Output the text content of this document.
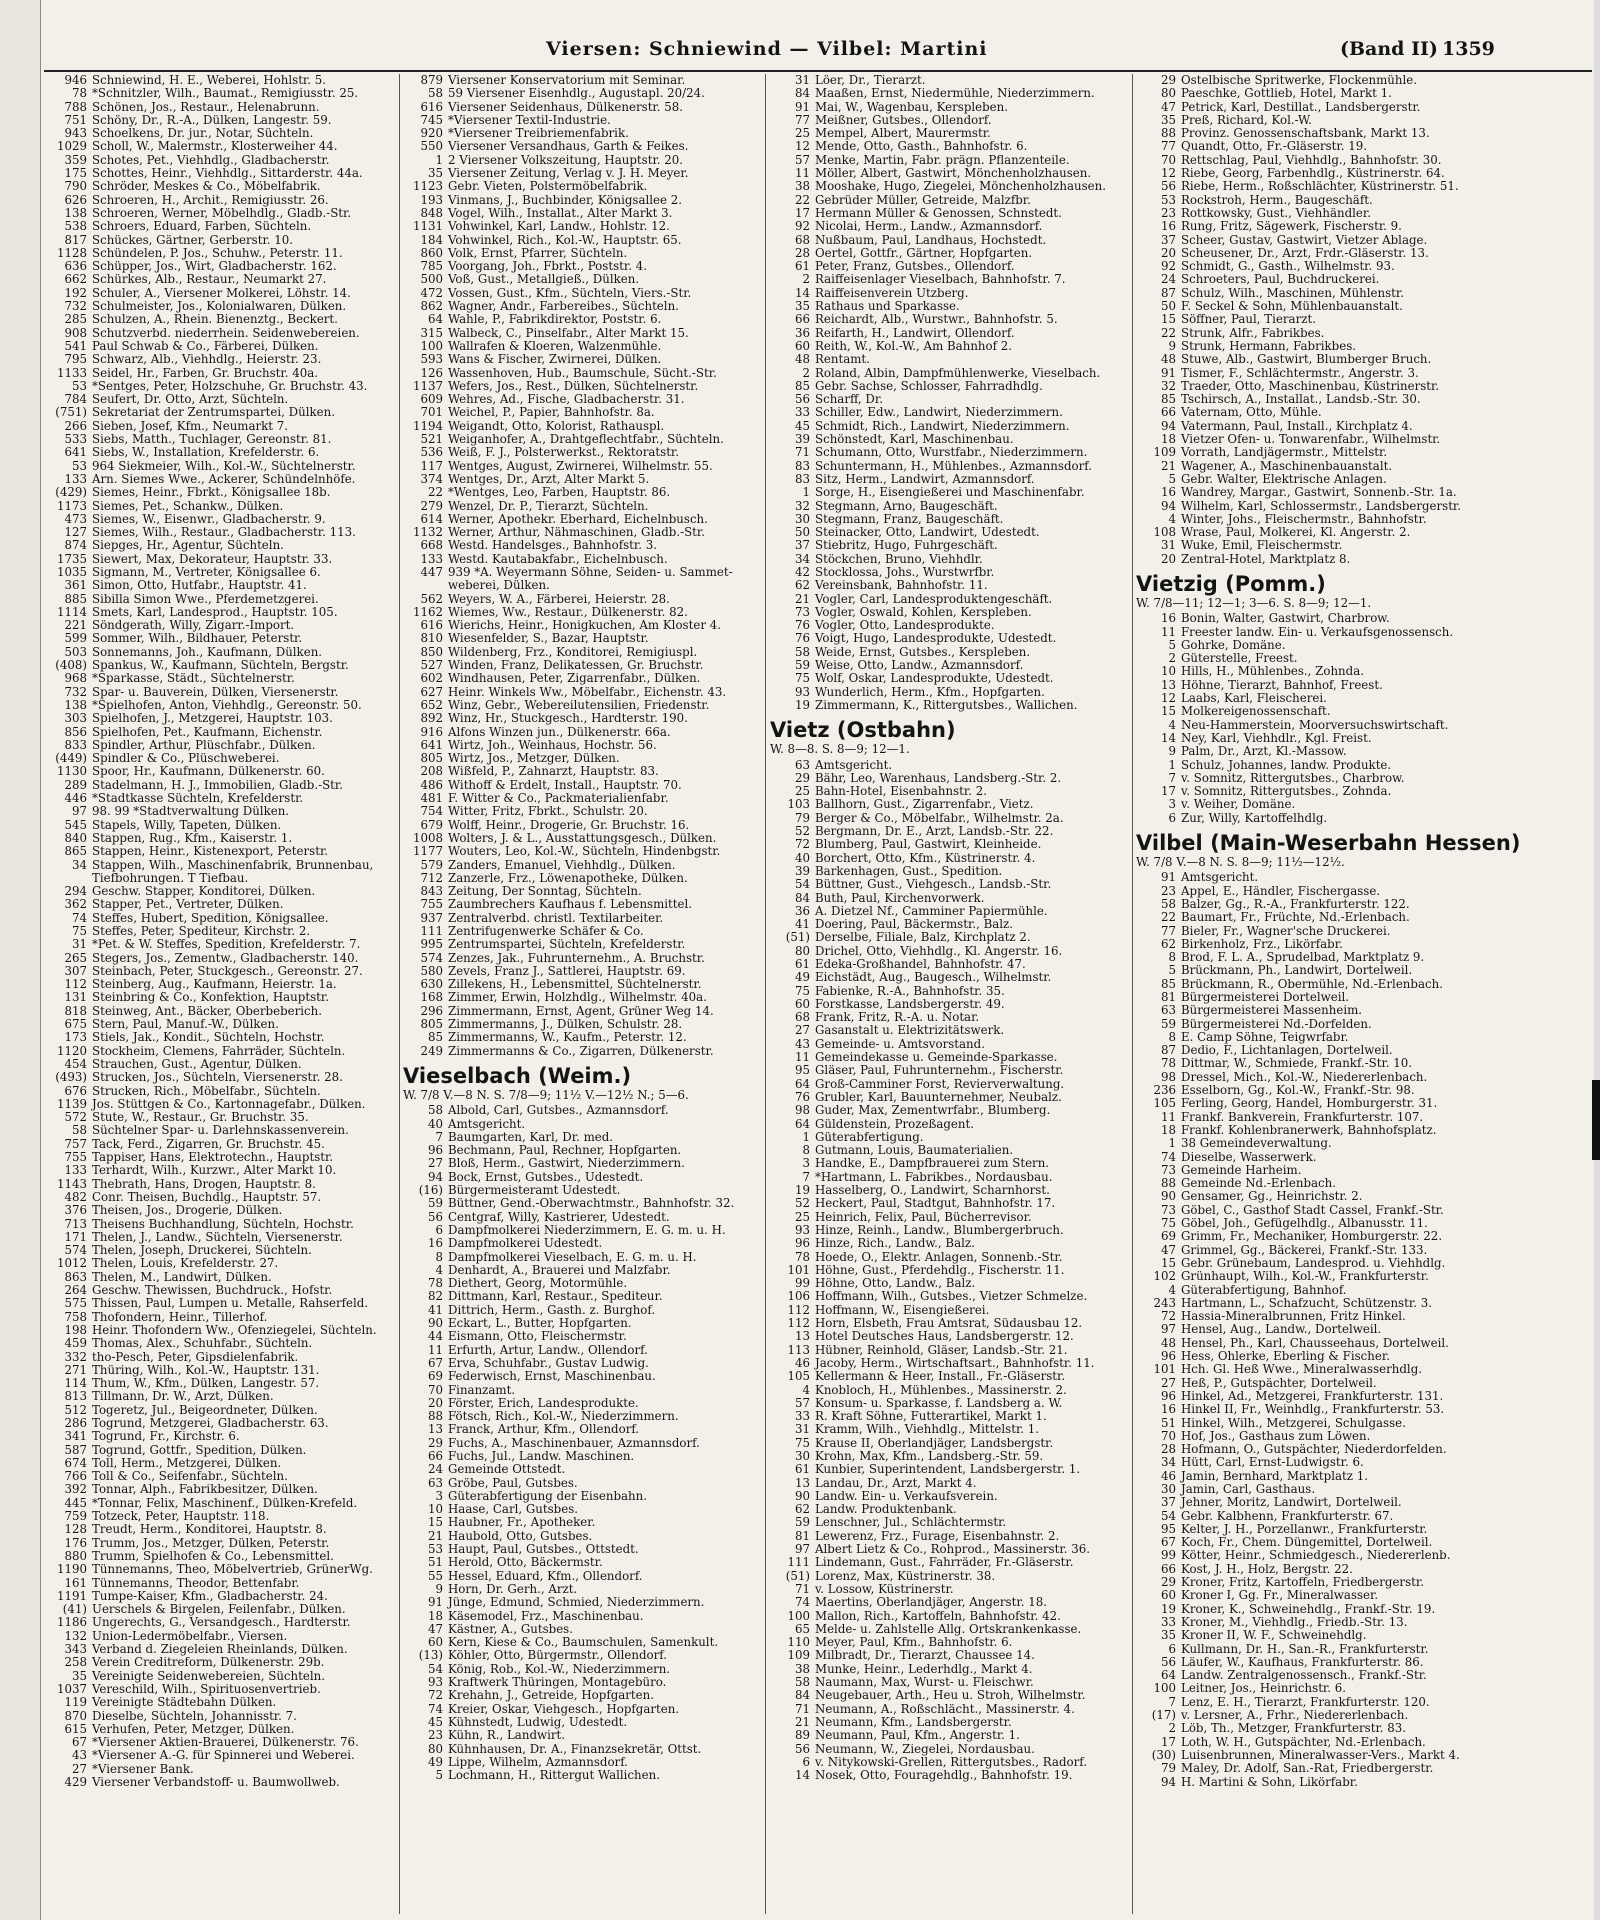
Viersen: Schniewind — Vilbel: Martini	(Band II) 1359
946 Schniewind, H. E., Weberei, Hohlstr. 5.
78 *Schnitzler, Wilh., Baumat., Remigiusstr. 25.
788 Schönen, Jos., Restaur., Helenabrunn.
751 Schöny, Dr., R.-A., Dülken, Langestr. 59.
943 Schoelkens, Dr. jur., Notar, Süchteln.
1029 Scholl, W., Malermstr., Klosterweiher 44.
359 Schotes, Pet., Viehhdlg., Gladbacherstr.
175 Schottes, Heinr., Viehhdlg., Sittarderstr. 44a.
790 Schröder, Meskes & Co., Möbelfabrik.
626 Schroeren, H., Archit., Remigiusstr. 26.
138 Schroeren, Werner, Möbelhdlg., Gladb.-Str.
538 Schroers, Eduard, Farben, Süchteln.
817 Schückes, Gärtner, Gerberstr. 10.
1128 Schündelen, P. Jos., Schuhw., Peterstr. 11.
636 Schüpper, Jos., Wirt, Gladbacherstr. 162.
662 Schürkes, Alb., Restaur., Neumarkt 27.
192 Schuler, A., Viersener Molkerei, Löhstr. 14.
732 Schulmeister, Jos., Kolonialwaren, Dülken.
285 Schulzen, A., Rhein. Bienenztg., Beckert.
908 Schutzverbd. niederrhein. Seidenwebereien.
541 Paul Schwab & Co., Färberei, Dülken.
795 Schwarz, Alb., Viehhdlg., Heierstr. 23.
1133 Seidel, Hr., Farben, Gr. Bruchstr. 40a.
53 *Sentges, Peter, Holzschuhe, Gr. Bruchstr. 43.
784 Seufert, Dr. Otto, Arzt, Süchteln.
(751) Sekretariat der Zentrumspartei, Dülken.
266 Sieben, Josef, Kfm., Neumarkt 7.
533 Siebs, Matth., Tuchlager, Gereonstr. 81.
641 Siebs, W., Installation, Krefelderstr. 6.
53 964 Siekmeier, Wilh., Kol.-W., Süchtelnerstr.
133 Arn. Siemes Wwe., Ackerer, Schündelnhöfe.
(429) Siemes, Heinr., Fbrkt., Königsallee 18b.
1173 Siemes, Pet., Schankw., Dülken.
473 Siemes, W., Eisenwr., Gladbacherstr. 9.
127 Siemes, Wilh., Restaur., Gladbacherstr. 113.
874 Siepges, Hr., Agentur, Süchteln.
1735 Siewert, Max, Dekorateur, Hauptstr. 33.
1035 Sigmann, M., Vertreter, Königsallee 6.
361 Simon, Otto, Hutfabr., Hauptstr. 41.
885 Sibilla Simon Wwe., Pferdemetzgerei.
1114 Smets, Karl, Landesprod., Hauptstr. 105.
221 Söndgerath, Willy, Zigarr.-Import.
599 Sommer, Wilh., Bildhauer, Peterstr.
503 Sonnemanns, Joh., Kaufmann, Dülken.
(408) Spankus, W., Kaufmann, Süchteln, Bergstr.
968 *Sparkasse, Städt., Süchtelnerstr.
732 Spar- u. Bauverein, Dülken, Viersenerstr.
138 *Spielhofen, Anton, Viehhdlg., Gereonstr. 50.
303 Spielhofen, J., Metzgerei, Hauptstr. 103.
856 Spielhofen, Pet., Kaufmann, Eichenstr.
833 Spindler, Arthur, Plüschfabr., Dülken.
(449) Spindler & Co., Plüschweberei.
1130 Spoor, Hr., Kaufmann, Dülkenerstr. 60.
289 Stadelmann, H. J., Immobilien, Gladb.-Str.
446 *Stadtkasse Süchteln, Krefelderstr.
97 98. 99 *Stadtverwaltung Dülken.
545 Stapels, Willy, Tapeten, Dülken.
840 Stappen, Rug., Kfm., Kaiserstr. 1.
865 Stappen, Heinr., Kistenexport, Peterstr.
34 Stappen, Wilh., Maschinenfabrik, Brunnenbau,
Tiefbohrungen. T Tiefbau.
294 Geschw. Stapper, Konditorei, Dülken.
362 Stapper, Pet., Vertreter, Dülken.
74 Steffes, Hubert, Spedition, Königsallee.
75 Steffes, Peter, Spediteur, Kirchstr. 2.
31 *Pet. & W. Steffes, Spedition, Krefelderstr. 7.
265 Stegers, Jos., Zementw., Gladbacherstr. 140.
307 Steinbach, Peter, Stuckgesch., Gereonstr. 27.
112 Steinberg, Aug., Kaufmann, Heierstr. 1a.
131 Steinbring & Co., Konfektion, Hauptstr.
818 Steinweg, Ant., Bäcker, Oberbeberich.
675 Stern, Paul, Manuf.-W., Dülken.
173 Stiels, Jak., Kondit., Süchteln, Hochstr.
1120 Stockheim, Clemens, Fahrräder, Süchteln.
454 Strauchen, Gust., Agentur, Dülken.
(493) Strucken, Jos., Süchteln, Viersenerstr. 28.
676 Strucken, Rich., Möbelfabr., Süchteln.
1139 Jos. Stüttgen & Co., Kartonnagefabr., Dülken.
572 Stute, W., Restaur., Gr. Bruchstr. 35.
58 Süchtelner Spar- u. Darlehnskassenverein.
757 Tack, Ferd., Zigarren, Gr. Bruchstr. 45.
755 Tappiser, Hans, Elektrotechn., Hauptstr.
133 Terhardt, Wilh., Kurzwr., Alter Markt 10.
1143 Thebrath, Hans, Drogen, Hauptstr. 8.
482 Conr. Theisen, Buchdlg., Hauptstr. 57.
376 Theisen, Jos., Drogerie, Dülken.
713 Theisens Buchhandlung, Süchteln, Hochstr.
171 Thelen, J., Landw., Süchteln, Viersenerstr.
574 Thelen, Joseph, Druckerei, Süchteln.
1012 Thelen, Louis, Krefelderstr. 27.
863 Thelen, M., Landwirt, Dülken.
264 Geschw. Thewissen, Buchdruck., Hofstr.
575 Thissen, Paul, Lumpen u. Metalle, Rahserfeld.
758 Thofondern, Heinr., Tillerhof.
198 Heinr. Thofondern Ww., Ofenziegelei, Süchteln.
459 Thomas, Alex., Schuhfabr., Süchteln.
332 tho-Pesch, Peter, Gipsdielenfabrik.
271 Thüring, Wilh., Kol.-W., Hauptstr. 131.
114 Thum, W., Kfm., Dülken, Langestr. 57.
813 Tillmann, Dr. W., Arzt, Dülken.
512 Togeretz, Jul., Beigeordneter, Dülken.
286 Togrund, Metzgerei, Gladbacherstr. 63.
341 Togrund, Fr., Kirchstr. 6.
587 Togrund, Gottfr., Spedition, Dülken.
674 Toll, Herm., Metzgerei, Dülken.
766 Toll & Co., Seifenfabr., Süchteln.
392 Tonnar, Alph., Fabrikbesitzer, Dülken.
445 *Tonnar, Felix, Maschinenf., Dülken-Krefeld.
759 Totzeck, Peter, Hauptstr. 118.
128 Treudt, Herm., Konditorei, Hauptstr. 8.
176 Trumm, Jos., Metzger, Dülken, Peterstr.
880 Trumm, Spielhofen & Co., Lebensmittel.
1190 Tünnemanns, Theo, Möbelvertrieb, GrünerWg.
161 Tünnemanns, Theodor, Bettenfabr.
1191 Tumpe-Kaiser, Kfm., Gladbacherstr. 24.
(41) Uerschels & Birgelen, Feilenfabr., Dülken.
1186 Ungerechts, G., Versandgesch., Hardterstr.
132 Union-Ledermöbelfabr., Viersen.
343 Verband d. Ziegeleien Rheinlands, Dülken.
258 Verein Creditreform, Dülkenerstr. 29b.
35 Vereinigte Seidenwebereien, Süchteln.
1037 Vereschild, Wilh., Spirituosenvertrieb.
119 Vereinigte Städtebahn Dülken.
870 Dieselbe, Süchteln, Johannisstr. 7.
615 Verhufen, Peter, Metzger, Dülken.
67 *Viersener Aktien-Brauerei, Dülkenerstr. 76.
43 *Viersener A.-G. für Spinnerei und Weberei.
27 *Viersener Bank.
429 Viersener Verbandstoff- u. Baumwollweb.
879 Viersener Konservatorium mit Seminar.
58 59 Viersener Eisenhdlg., Augustapl. 20/24.
616 Viersener Seidenhaus, Dülkenerstr. 58.
745 *Viersener Textil-Industrie.
920 *Viersener Treibriemenfabrik.
550 Viersener Versandhaus, Garth & Feikes.
1 2 Viersener Volkszeitung, Hauptstr. 20.
35 Viersener Zeitung, Verlag v. J. H. Meyer.
1123 Gebr. Vieten, Polstermöbelfabrik.
193 Vinmans, J., Buchbinder, Königsallee 2.
848 Vogel, Wilh., Installat., Alter Markt 3.
1131 Vohwinkel, Karl, Landw., Hohlstr. 12.
184 Vohwinkel, Rich., Kol.-W., Hauptstr. 65.
860 Volk, Ernst, Pfarrer, Süchteln.
785 Voorgang, Joh., Fbrkt., Poststr. 4.
500 Voß, Gust., Metallgieß., Dülken.
472 Vossen, Gust., Kfm., Süchteln, Viers.-Str.
862 Wagner, Andr., Farbereibes., Süchteln.
64 Wahle, P., Fabrikdirektor, Poststr. 6.
315 Walbeck, C., Pinselfabr., Alter Markt 15.
100 Wallrafen & Kloeren, Walzenmühle.
593 Wans & Fischer, Zwirnerei, Dülken.
126 Wassenhoven, Hub., Baumschule, Sücht.-Str.
1137 Wefers, Jos., Rest., Dülken, Süchtelnerstr.
609 Wehres, Ad., Fische, Gladbacherstr. 31.
701 Weichel, P., Papier, Bahnhofstr. 8a.
1194 Weigandt, Otto, Kolorist, Rathauspl.
521 Weiganhofer, A., Drahtgeflechtfabr., Süchteln.
536 Weiß, F. J., Polsterwerkst., Rektoratstr.
117 Wentges, August, Zwirnerei, Wilhelmstr. 55.
374 Wentges, Dr., Arzt, Alter Markt 5.
22 *Wentges, Leo, Farben, Hauptstr. 86.
279 Wenzel, Dr. P., Tierarzt, Süchteln.
614 Werner, Apothekr. Eberhard, Eichelnbusch.
1132 Werner, Arthur, Nähmaschinen, Gladb.-Str.
668 Westd. Handelsges., Bahnhofstr. 3.
133 Westd. Kautabakfabr., Eichelnbusch.
447 939 *A. Weyermann Söhne, Seiden- u. Sammet-
weberei, Dülken.
562 Weyers, W. A., Färberei, Heierstr. 28.
1162 Wiemes, Ww., Restaur., Dülkenerstr. 82.
616 Wierichs, Heinr., Honigkuchen, Am Kloster 4.
810 Wiesenfelder, S., Bazar, Hauptstr.
850 Wildenberg, Frz., Konditorei, Remigiuspl.
527 Winden, Franz, Delikatessen, Gr. Bruchstr.
602 Windhausen, Peter, Zigarrenfabr., Dülken.
627 Heinr. Winkels Ww., Möbelfabr., Eichenstr. 43.
652 Winz, Gebr., Webereilutensilien, Friedenstr.
892 Winz, Hr., Stuckgesch., Hardterstr. 190.
916 Alfons Winzen jun., Dülkenerstr. 66a.
641 Wirtz, Joh., Weinhaus, Hochstr. 56.
805 Wirtz, Jos., Metzger, Dülken.
208 Wißfeld, P., Zahnarzt, Hauptstr. 83.
486 Withoff & Erdelt, Install., Hauptstr. 70.
481 F. Witter & Co., Packmaterialienfabr.
754 Witter, Fritz, Fbrkt., Schulstr. 20.
679 Wolff, Heinr., Drogerie, Gr. Bruchstr. 16.
1008 Wolters, J. & L., Ausstattungsgesch., Dülken.
1177 Wouters, Leo, Kol.-W., Süchteln, Hindenbgstr.
579 Zanders, Emanuel, Viehhdlg., Dülken.
712 Zanzerle, Frz., Löwenapotheke, Dülken.
843 Zeitung, Der Sonntag, Süchteln.
755 Zaumbrechers Kaufhaus f. Lebensmittel.
937 Zentralverbd. christl. Textilarbeiter.
111 Zentrifugenwerke Schäfer & Co.
995 Zentrumspartei, Süchteln, Krefelderstr.
574 Zenzes, Jak., Fuhrunternehm., A. Bruchstr.
580 Zevels, Franz J., Sattlerei, Hauptstr. 69.
630 Zillekens, H., Lebensmittel, Süchtelnerstr.
168 Zimmer, Erwin, Holzhdlg., Wilhelmstr. 40a.
296 Zimmermann, Ernst, Agent, Grüner Weg 14.
805 Zimmermanns, J., Dülken, Schulstr. 28.
85 Zimmermanns, W., Kaufm., Peterstr. 12.
249 Zimmermanns & Co., Zigarren, Dülkenerstr.
Vieselbach (Weim.)
W. 7/8 V.—8 N. S. 7/8—9; 11½ V.—12½ N.; 5—6.
58 Albold, Carl, Gutsbes., Azmannsdorf.
40 Amtsgericht.
7 Baumgarten, Karl, Dr. med.
96 Bechmann, Paul, Rechner, Hopfgarten.
27 Bloß, Herm., Gastwirt, Niederzimmern.
94 Bock, Ernst, Gutsbes., Udestedt.
(16) Bürgermeisteramt Udestedt.
59 Büttner, Gend.-Oberwachtmstr., Bahnhofstr. 32.
56 Centgraf, Willy, Kastrierer, Udestedt.
6 Dampfmolkerei Niederzimmern, E. G. m. u. H.
16 Dampfmolkerei Udestedt.
8 Dampfmolkerei Vieselbach, E. G. m. u. H.
4 Denhardt, A., Brauerei und Malzfabr.
78 Diethert, Georg, Motormühle.
82 Dittmann, Karl, Restaur., Spediteur.
41 Dittrich, Herm., Gasth. z. Burghof.
90 Eckart, L., Butter, Hopfgarten.
44 Eismann, Otto, Fleischermstr.
11 Erfurth, Artur, Landw., Ollendorf.
67 Erva, Schuhfabr., Gustav Ludwig.
69 Federwisch, Ernst, Maschinenbau.
70 Finanzamt.
20 Förster, Erich, Landesprodukte.
88 Fötsch, Rich., Kol.-W., Niederzimmern.
13 Franck, Arthur, Kfm., Ollendorf.
29 Fuchs, A., Maschinenbauer, Azmannsdorf.
66 Fuchs, Jul., Landw. Maschinen.
24 Gemeinde Ottstedt.
63 Gröbe, Paul, Gutsbes.
3 Güterabfertigung der Eisenbahn.
10 Haase, Carl, Gutsbes.
15 Haubner, Fr., Apotheker.
21 Haubold, Otto, Gutsbes.
53 Haupt, Paul, Gutsbes., Ottstedt.
51 Herold, Otto, Bäckermstr.
55 Hessel, Eduard, Kfm., Ollendorf.
9 Horn, Dr. Gerh., Arzt.
91 Jünge, Edmund, Schmied, Niederzimmern.
18 Käsemodel, Frz., Maschinenbau.
47 Kästner, A., Gutsbes.
60 Kern, Kiese & Co., Baumschulen, Samenkult.
(13) Köhler, Otto, Bürgermstr., Ollendorf.
54 König, Rob., Kol.-W., Niederzimmern.
93 Kraftwerk Thüringen, Montagebüro.
72 Krehahn, J., Getreide, Hopfgarten.
74 Kreier, Oskar, Viehgesch., Hopfgarten.
45 Kühnstedt, Ludwig, Udestedt.
23 Kühn, R., Landwirt.
80 Kühnhausen, Dr. A., Finanzsekretär, Ottst.
49 Lippe, Wilhelm, Azmannsdorf.
5 Lochmann, H., Rittergut Wallichen.
31 Löer, Dr., Tierarzt.
84 Maaßen, Ernst, Niedermühle, Niederzimmern.
91 Mai, W., Wagenbau, Kerspleben.
77 Meißner, Gutsbes., Ollendorf.
25 Mempel, Albert, Maurermstr.
12 Mende, Otto, Gasth., Bahnhofstr. 6.
57 Menke, Martin, Fabr. prägn. Pflanzenteile.
11 Möller, Albert, Gastwirt, Mönchenholzhausen.
38 Mooshake, Hugo, Ziegelei, Mönchenholzhausen.
22 Gebrüder Müller, Getreide, Malzfbr.
17 Hermann Müller & Genossen, Schnstedt.
92 Nicolai, Herm., Landw., Azmannsdorf.
68 Nußbaum, Paul, Landhaus, Hochstedt.
28 Oertel, Gottfr., Gärtner, Hopfgarten.
61 Peter, Franz, Gutsbes., Ollendorf.
2 Raiffeisenlager Vieselbach, Bahnhofstr. 7.
14 Raiffeisenverein Utzberg.
35 Rathaus und Sparkasse.
66 Reichardt, Alb., Wurstwr., Bahnhofstr. 5.
36 Reifarth, H., Landwirt, Ollendorf.
60 Reith, W., Kol.-W., Am Bahnhof 2.
48 Rentamt.
2 Roland, Albin, Dampfmühlenwerke, Vieselbach.
85 Gebr. Sachse, Schlosser, Fahrradhdlg.
56 Scharff, Dr.
33 Schiller, Edw., Landwirt, Niederzimmern.
45 Schmidt, Rich., Landwirt, Niederzimmern.
39 Schönstedt, Karl, Maschinenbau.
71 Schumann, Otto, Wurstfabr., Niederzimmern.
83 Schuntermann, H., Mühlenbes., Azmannsdorf.
83 Sitz, Herm., Landwirt, Azmannsdorf.
1 Sorge, H., Eisengießerei und Maschinenfabr.
32 Stegmann, Arno, Baugeschäft.
30 Stegmann, Franz, Baugeschäft.
50 Steinacker, Otto, Landwirt, Udestedt.
37 Stiebritz, Hugo, Fuhrgeschäft.
34 Stöckchen, Bruno, Viehhdlr.
42 Stocklossa, Johs., Wurstwrfbr.
62 Vereinsbank, Bahnhofstr. 11.
21 Vogler, Carl, Landesproduktengeschäft.
73 Vogler, Oswald, Kohlen, Kerspleben.
76 Vogler, Otto, Landesprodukte.
76 Voigt, Hugo, Landesprodukte, Udestedt.
58 Weide, Ernst, Gutsbes., Kerspleben.
59 Weise, Otto, Landw., Azmannsdorf.
75 Wolf, Oskar, Landesprodukte, Udestedt.
93 Wunderlich, Herm., Kfm., Hopfgarten.
19 Zimmermann, K., Rittergutsbes., Wallichen.
Vietz (Ostbahn)
W. 8—8. S. 8—9; 12—1.
63 Amtsgericht.
29 Bähr, Leo, Warenhaus, Landsberg.-Str. 2.
25 Bahn-Hotel, Eisenbahnstr. 2.
103 Ballhorn, Gust., Zigarrenfabr., Vietz.
79 Berger & Co., Möbelfabr., Wilhelmstr. 2a.
52 Bergmann, Dr. E., Arzt, Landsb.-Str. 22.
72 Blumberg, Paul, Gastwirt, Kleinheide.
40 Borchert, Otto, Kfm., Küstrinerstr. 4.
39 Barkenhagen, Gust., Spedition.
54 Büttner, Gust., Viehgesch., Landsb.-Str.
84 Buth, Paul, Kirchenvorwerk.
36 A. Dietzel Nf., Camminer Papiermühle.
41 Doering, Paul, Bäckermstr., Balz.
(51) Derselbe, Filiale, Balz, Kirchplatz 2.
80 Drichel, Otto, Viehhdlg., Kl. Angerstr. 16.
61 Edeka-Großhandel, Bahnhofstr. 47.
49 Eichstädt, Aug., Baugesch., Wilhelmstr.
75 Fabienke, R.-A., Bahnhofstr. 35.
60 Forstkasse, Landsbergerstr. 49.
68 Frank, Fritz, R.-A. u. Notar.
27 Gasanstalt u. Elektrizitätswerk.
43 Gemeinde- u. Amtsvorstand.
11 Gemeindekasse u. Gemeinde-Sparkasse.
95 Gläser, Paul, Fuhrunternehm., Fischerstr.
64 Groß-Camminer Forst, Revierverwaltung.
76 Grubler, Karl, Bauunternehmer, Neubalz.
98 Guder, Max, Zementwrfabr., Blumberg.
64 Güldenstein, Prozeßagent.
1 Güterabfertigung.
8 Gutmann, Louis, Baumaterialien.
3 Handke, E., Dampfbrauerei zum Stern.
7 *Hartmann, L. Fabrikbes., Nordausbau.
19 Hasselberg, O., Landwirt, Scharnhorst.
52 Heckert, Paul, Stadtgut, Bahnhofstr. 17.
25 Heinrich, Felix, Paul, Bücherrevisor.
93 Hinze, Reinh., Landw., Blumbergerbruch.
96 Hinze, Rich., Landw., Balz.
78 Hoede, O., Elektr. Anlagen, Sonnenb.-Str.
101 Höhne, Gust., Pferdehdlg., Fischerstr. 11.
99 Höhne, Otto, Landw., Balz.
106 Hoffmann, Wilh., Gutsbes., Vietzer Schmelze.
112 Hoffmann, W., Eisengießerei.
112 Horn, Elsbeth, Frau Amtsrat, Südausbau 12.
13 Hotel Deutsches Haus, Landsbergerstr. 12.
113 Hübner, Reinhold, Gläser, Landsb.-Str. 21.
46 Jacoby, Herm., Wirtschaftsart., Bahnhofstr. 11.
105 Kellermann & Heer, Install., Fr.-Gläserstr.
4 Knobloch, H., Mühlenbes., Massinerstr. 2.
57 Konsum- u. Sparkasse, f. Landsberg a. W.
33 R. Kraft Söhne, Futterartikel, Markt 1.
31 Kramm, Wilh., Viehhdlg., Mittelstr. 1.
75 Krause II, Oberlandjäger, Landsbergstr.
30 Krohn, Max, Kfm., Landsberg.-Str. 59.
61 Kunbier, Superintendent, Landsbergerstr. 1.
13 Landau, Dr., Arzt, Markt 4.
90 Landw. Ein- u. Verkaufsverein.
62 Landw. Produktenbank.
59 Lenschner, Jul., Schlächtermstr.
81 Lewerenz, Frz., Furage, Eisenbahnstr. 2.
97 Albert Lietz & Co., Rohprod., Massinerstr. 36.
111 Lindemann, Gust., Fahrräder, Fr.-Gläserstr.
(51) Lorenz, Max, Küstrinerstr. 38.
71 v. Lossow, Küstrinerstr.
74 Maertins, Oberlandjäger, Angerstr. 18.
100 Mallon, Rich., Kartoffeln, Bahnhofstr. 42.
65 Melde- u. Zahlstelle Allg. Ortskrankenkasse.
110 Meyer, Paul, Kfm., Bahnhofstr. 6.
109 Milbradt, Dr., Tierarzt, Chaussee 14.
38 Munke, Heinr., Lederhdlg., Markt 4.
58 Naumann, Max, Wurst- u. Fleischwr.
84 Neugebauer, Arth., Heu u. Stroh, Wilhelmstr.
71 Neumann, A., Roßschlächt., Massinerstr. 4.
21 Neumann, Kfm., Landsbergerstr.
89 Neumann, Paul, Kfm., Angerstr. 1.
56 Neumann, W., Ziegelei, Nordausbau.
6 v. Nitykowski-Grellen, Rittergutsbes., Radorf.
14 Nosek, Otto, Fouragehdlg., Bahnhofstr. 19.
29 Ostelbische Spritwerke, Flockenmühle.
80 Paeschke, Gottlieb, Hotel, Markt 1.
47 Petrick, Karl, Destillat., Landsbergerstr.
35 Preß, Richard, Kol.-W.
88 Provinz. Genossenschaftsbank, Markt 13.
77 Quandt, Otto, Fr.-Gläserstr. 19.
70 Rettschlag, Paul, Viehhdlg., Bahnhofstr. 30.
12 Riebe, Georg, Farbenhdlg., Küstrinerstr. 64.
56 Riebe, Herm., Roßschlächter, Küstrinerstr. 51.
53 Rockstroh, Herm., Baugeschäft.
23 Rottkowsky, Gust., Viehhändler.
16 Rung, Fritz, Sägewerk, Fischerstr. 9.
37 Scheer, Gustav, Gastwirt, Vietzer Ablage.
20 Scheusener, Dr., Arzt, Frdr.-Gläserstr. 13.
92 Schmidt, G., Gasth., Wilhelmstr. 93.
24 Schroeters, Paul, Buchdruckerei.
87 Schulz, Wilh., Maschinen, Mühlenstr.
50 F. Seckel & Sohn, Mühlenbauanstalt.
15 Söffner, Paul, Tierarzt.
22 Strunk, Alfr., Fabrikbes.
9 Strunk, Hermann, Fabrikbes.
48 Stuwe, Alb., Gastwirt, Blumberger Bruch.
91 Tismer, F., Schlächtermstr., Angerstr. 3.
32 Traeder, Otto, Maschinenbau, Küstrinerstr.
85 Tschirsch, A., Installat., Landsb.-Str. 30.
66 Vaternam, Otto, Mühle.
94 Vatermann, Paul, Install., Kirchplatz 4.
18 Vietzer Ofen- u. Tonwarenfabr., Wilhelmstr.
109 Vorrath, Landjägermstr., Mittelstr.
21 Wagener, A., Maschinenbauanstalt.
5 Gebr. Walter, Elektrische Anlagen.
16 Wandrey, Margar., Gastwirt, Sonnenb.-Str. 1a.
94 Wilhelm, Karl, Schlossermstr., Landsbergerstr.
4 Winter, Johs., Fleischermstr., Bahnhofstr.
108 Wrase, Paul, Molkerei, Kl. Angerstr. 2.
31 Wuke, Emil, Fleischermstr.
20 Zentral-Hotel, Marktplatz 8.
Vietzig (Pomm.)
W. 7/8—11; 12—1; 3—6. S. 8—9; 12—1.
16 Bonin, Walter, Gastwirt, Charbrow.
11 Freester landw. Ein- u. Verkaufsgenossensch.
5 Gohrke, Domäne.
2 Güterstelle, Freest.
10 Hills, H., Mühlenbes., Zohnda.
13 Höhne, Tierarzt, Bahnhof, Freest.
12 Laabs, Karl, Fleischerei.
15 Molkereigenossenschaft.
4 Neu-Hammerstein, Moorversuchswirtschaft.
14 Ney, Karl, Viehhdlr., Kgl. Freist.
9 Palm, Dr., Arzt, Kl.-Massow.
1 Schulz, Johannes, landw. Produkte.
7 v. Somnitz, Rittergutsbes., Charbrow.
17 v. Somnitz, Rittergutsbes., Zohnda.
3 v. Weiher, Domäne.
6 Zur, Willy, Kartoffelhdlg.
Vilbel (Main-Weserbahn Hessen)
W. 7/8 V.—8 N. S. 8—9; 11½—12½.
91 Amtsgericht.
23 Appel, E., Händler, Fischergasse.
58 Balzer, Gg., R.-A., Frankfurterstr. 122.
22 Baumart, Fr., Früchte, Nd.-Erlenbach.
77 Bieler, Fr., Wagner'sche Druckerei.
62 Birkenholz, Frz., Likörfabr.
8 Brod, F. L. A., Sprudelbad, Marktplatz 9.
5 Brückmann, Ph., Landwirt, Dortelweil.
85 Brückmann, R., Obermühle, Nd.-Erlenbach.
81 Bürgermeisterei Dortelweil.
63 Bürgermeisterei Massenheim.
59 Bürgermeisterei Nd.-Dorfelden.
8 E. Camp Söhne, Teigwrfabr.
87 Dedio, F., Lichtanlagen, Dortelweil.
78 Dittmar, W., Schmiede, Frankf.-Str. 10.
98 Dressel, Mich., Kol.-W., Niedererlenbach.
236 Esselborn, Gg., Kol.-W., Frankf.-Str. 98.
105 Ferling, Georg, Handel, Homburgerstr. 31.
11 Frankf. Bankverein, Frankfurterstr. 107.
18 Frankf. Kohlenbranerwerk, Bahnhofsplatz.
1 38 Gemeindeverwaltung.
74 Dieselbe, Wasserwerk.
73 Gemeinde Harheim.
88 Gemeinde Nd.-Erlenbach.
90 Gensamer, Gg., Heinrichstr. 2.
73 Göbel, C., Gasthof Stadt Cassel, Frankf.-Str.
75 Göbel, Joh., Gefügelhdlg., Albanusstr. 11.
69 Grimm, Fr., Mechaniker, Homburgerstr. 22.
47 Grimmel, Gg., Bäckerei, Frankf.-Str. 133.
15 Gebr. Grünebaum, Landesprod. u. Viehhdlg.
102 Grünhaupt, Wilh., Kol.-W., Frankfurterstr.
4 Güterabfertigung, Bahnhof.
243 Hartmann, L., Schafzucht, Schützenstr. 3.
72 Hassia-Mineralbrunnen, Fritz Hinkel.
97 Hensel, Aug., Landw., Dortelweil.
48 Hensel, Ph., Karl, Chausseehaus, Dortelweil.
96 Hess, Öhlerke, Eberling & Fischer.
101 Hch. Gl. Heß Wwe., Mineralwasserhdlg.
27 Heß, P., Gutspächter, Dortelweil.
96 Hinkel, Ad., Metzgerei, Frankfurterstr. 131.
16 Hinkel II, Fr., Weinhdlg., Frankfurterstr. 53.
51 Hinkel, Wilh., Metzgerei, Schulgasse.
70 Hof, Jos., Gasthaus zum Löwen.
28 Hofmann, O., Gutspächter, Niederdorfelden.
34 Hütt, Carl, Ernst-Ludwigstr. 6.
46 Jamin, Bernhard, Marktplatz 1.
30 Jamin, Carl, Gasthaus.
37 Jehner, Moritz, Landwirt, Dortelweil.
54 Gebr. Kalbhenn, Frankfurterstr. 67.
95 Kelter, J. H., Porzellanwr., Frankfurterstr.
67 Koch, Fr., Chem. Düngemittel, Dortelweil.
99 Kötter, Heinr., Schmiedgesch., Niedererlenb.
66 Kost, J. H., Holz, Bergstr. 22.
29 Kroner, Fritz, Kartoffeln, Friedbergerstr.
60 Kroner I, Gg. Fr., Mineralwasser.
19 Kroner, K., Schweinehdlg., Frankf.-Str. 19.
33 Kroner, M., Viehhdlg., Friedb.-Str. 13.
35 Kroner II, W. F., Schweinehdlg.
6 Kullmann, Dr. H., San.-R., Frankfurterstr.
56 Läufer, W., Kaufhaus, Frankfurterstr. 86.
64 Landw. Zentralgenossensch., Frankf.-Str.
100 Leitner, Jos., Heinrichstr. 6.
7 Lenz, E. H., Tierarzt, Frankfurterstr. 120.
(17) v. Lersner, A., Frhr., Niedererlenbach.
2 Löb, Th., Metzger, Frankfurterstr. 83.
17 Loth, W. H., Gutspächter, Nd.-Erlenbach.
(30) Luisenbrunnen, Mineralwasser-Vers., Markt 4.
79 Maley, Dr. Adolf, San.-Rat, Friedbergerstr.
94 H. Martini & Sohn, Likörfabr.
